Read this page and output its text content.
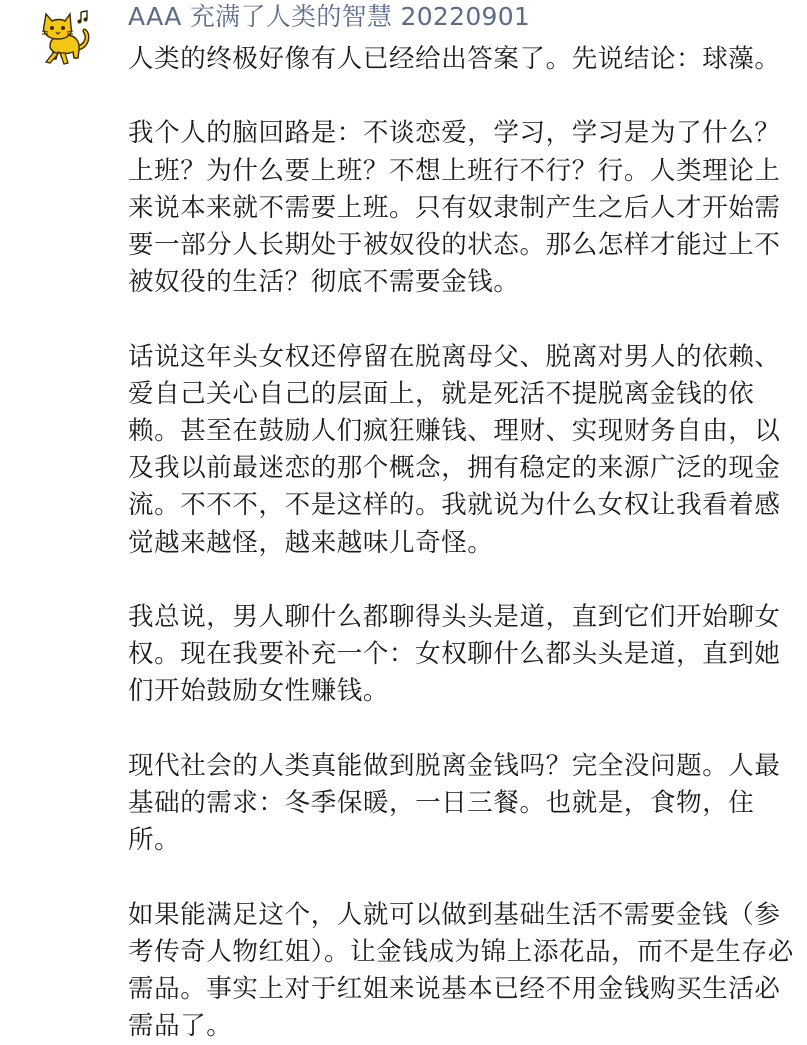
AAA 充满了人类的智慧 20220901

人类的终极好像有人已经给出答案了。先说结论：球藻。

我个人的脑回路是：不谈恋爱，学习，学习是为了什么？上班？为什么要上班？不想上班行不行？行。人类理论上来说本来就不需要上班。只有奴隶制产生之后人才开始需要一部分人长期处于被奴役的状态。那么怎样才能过上不被奴役的生活？彻底不需要金钱。

话说这年头女权还停留在脱离母父、脱离对男人的依赖、爱自己关心自己的层面上，就是死活不提脱离金钱的依赖。甚至在鼓励人们疯狂赚钱、理财、实现财务自由，以及我以前最迷恋的那个概念，拥有稳定的来源广泛的现金流。不不不，不是这样的。我就说为什么女权让我看着感觉越来越怪，越来越味儿奇怪。

我总说，男人聊什么都聊得头头是道，直到它们开始聊女权。现在我要补充一个：女权聊什么都头头是道，直到她们开始鼓励女性赚钱。

现代社会的人类真能做到脱离金钱吗？完全没问题。人最基础的需求：冬季保暖，一日三餐。也就是，食物，住所。

如果能满足这个，人就可以做到基础生活不需要金钱（参考传奇人物红姐）。让金钱成为锦上添花品，而不是生存必需品。事实上对于红姐来说基本已经不用金钱购买生活必需品了。
